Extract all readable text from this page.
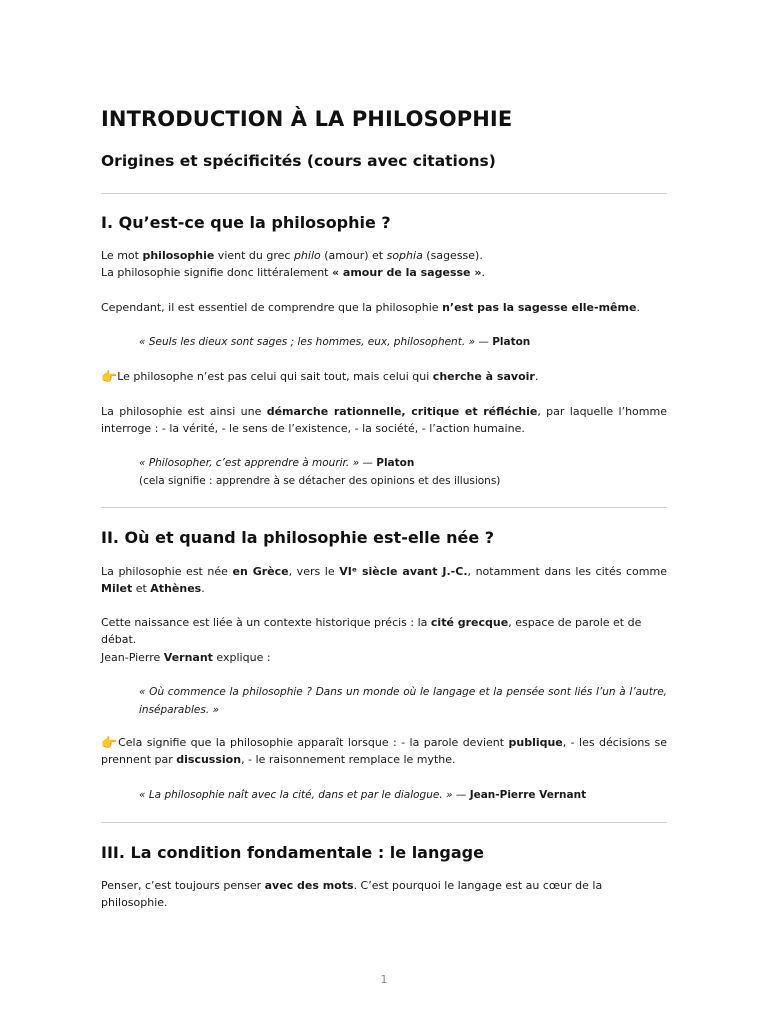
INTRODUCTION À LA PHILOSOPHIE
Origines et spécificités (cours avec citations)
I. Qu’est-ce que la philosophie ?

Le mot philosophie vient du grec philo (amour) et sophia (sagesse).
La philosophie signifie donc littéralement « amour de la sagesse ».

Cependant, il est essentiel de comprendre que la philosophie n’est pas la sagesse elle-même.

« Seuls les dieux sont sages ; les hommes, eux, philosophent. » — Platon

👉Le philosophe n’est pas celui qui sait tout, mais celui qui cherche à savoir.

La philosophie est ainsi une démarche rationnelle, critique et réfléchie, par laquelle l’homme interroge : - la vérité, - le sens de l’existence, - la société, - l’action humaine.

« Philosopher, c’est apprendre à mourir. » — Platon
(cela signifie : apprendre à se détacher des opinions et des illusions)

II. Où et quand la philosophie est-elle née ?

La philosophie est née en Grèce, vers le VIᵉ siècle avant J.-C., notamment dans les cités comme Milet et Athènes.

Cette naissance est liée à un contexte historique précis : la cité grecque, espace de parole et de débat.

Jean-Pierre Vernant explique :

« Où commence la philosophie ? Dans un monde où le langage et la pensée sont liés l’un à l’autre, inséparables. »

👉Cela signifie que la philosophie apparaît lorsque : - la parole devient publique, - les décisions se prennent par discussion, - le raisonnement remplace le mythe.

« La philosophie naît avec la cité, dans et par le dialogue. » — Jean-Pierre Vernant

III. La condition fondamentale : le langage

Penser, c’est toujours penser avec des mots. C’est pourquoi le langage est au cœur de la philosophie.

1
